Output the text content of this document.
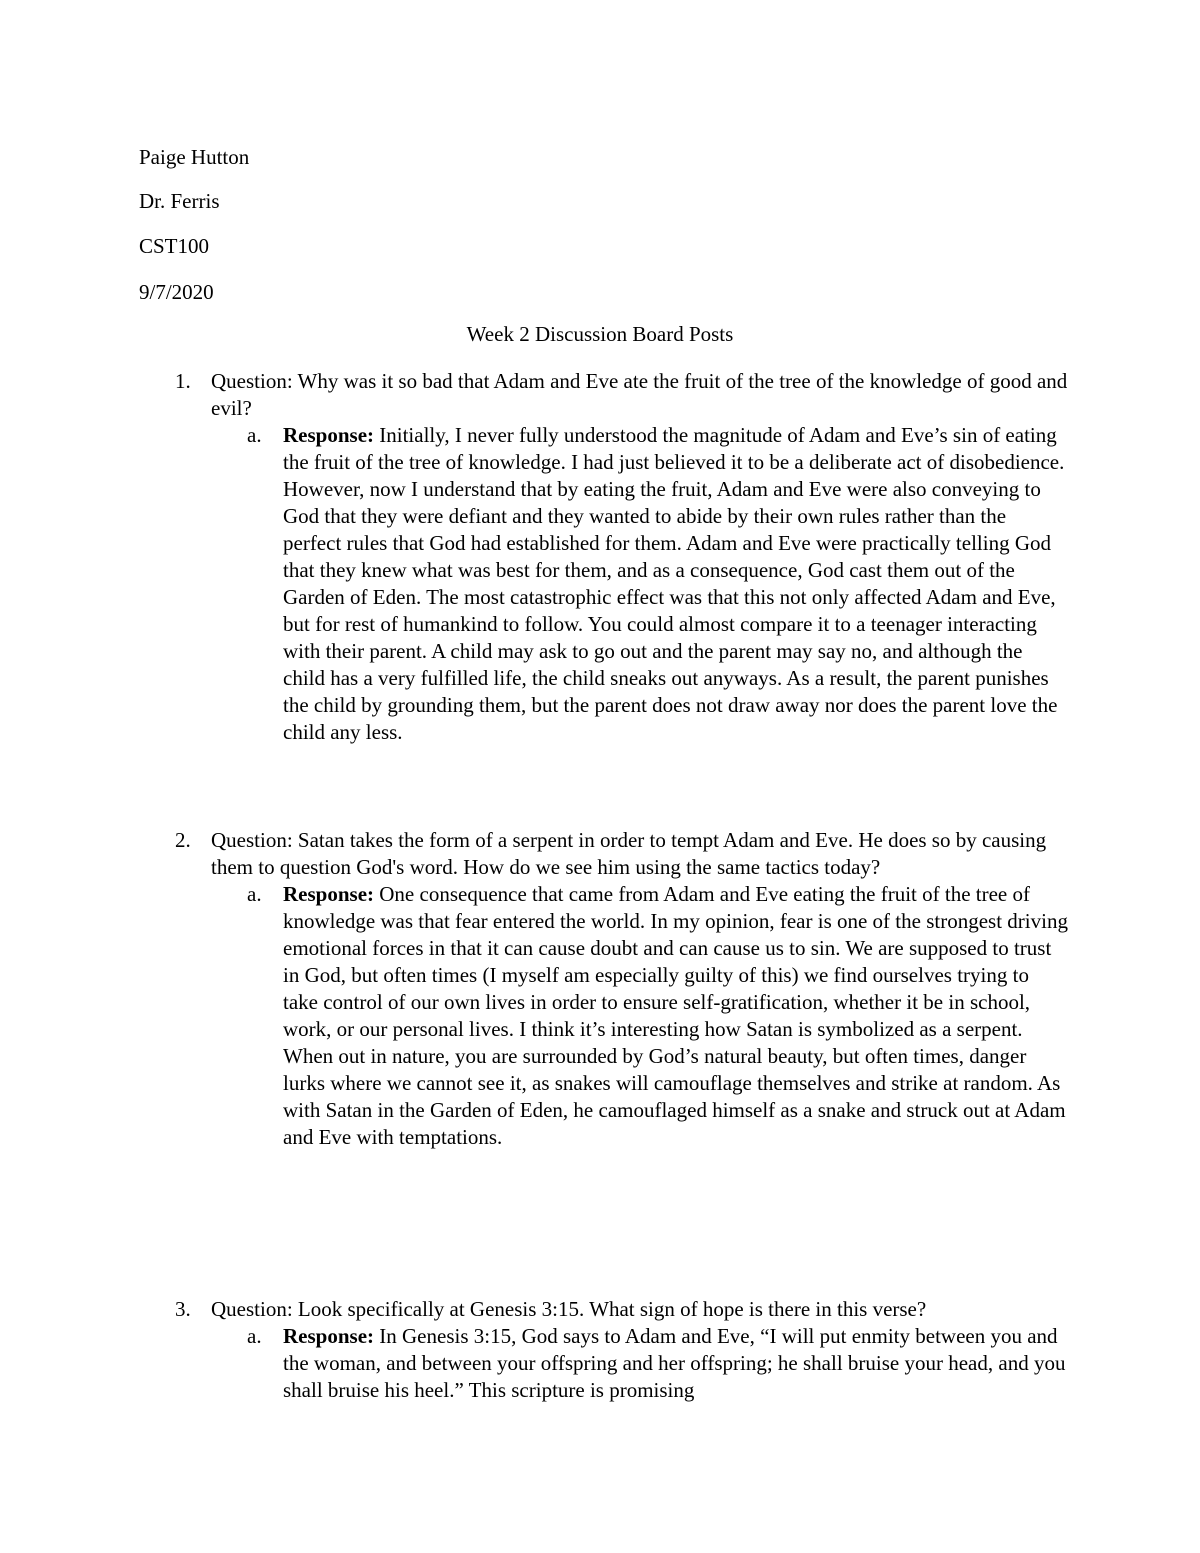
Paige Hutton

Dr. Ferris

CST100

9/7/2020

Week 2 Discussion Board Posts
1. Question: Why was it so bad that Adam and Eve ate the fruit of the tree of the knowledge of good and evil?

a.	Response: Initially, I never fully understood the magnitude of Adam and Eve’s sin of eating the fruit of the tree of knowledge. I had just believed it to be a deliberate act of disobedience. However, now I understand that by eating the fruit, Adam and Eve were also conveying to God that they were defiant and they wanted to abide by their own rules rather than the perfect rules that God had established for them. Adam and Eve were practically telling God that they knew what was best for them, and as a consequence, God cast them out of the Garden of Eden. The most catastrophic effect was that this not only affected Adam and Eve, but for rest of humankind to follow. You could almost compare it to a teenager interacting with their parent. A child may ask to go out and the parent may say no, and although the child has a very fulfilled life, the child sneaks out anyways. As a result, the parent punishes the child by grounding them, but the parent does not draw away nor does the parent love the child any less.

2. Question: Satan takes the form of a serpent in order to tempt Adam and Eve. He does so by causing them to question God's word. How do we see him using the same tactics today?

a.	Response: One consequence that came from Adam and Eve eating the fruit of the tree of knowledge was that fear entered the world. In my opinion, fear is one of the strongest driving emotional forces in that it can cause doubt and can cause us to sin. We are supposed to trust in God, but often times (I myself am especially guilty of this) we find ourselves trying to take control of our own lives in order to ensure self-gratification, whether it be in school, work, or our personal lives. I think it’s interesting how Satan is symbolized as a serpent. When out in nature, you are surrounded by God’s natural beauty, but often times, danger lurks where we cannot see it, as snakes will camouflage themselves and strike at random. As with Satan in the Garden of Eden, he camouflaged himself as a snake and struck out at Adam and Eve with temptations.

3. Question: Look specifically at Genesis 3:15. What sign of hope is there in this verse?

a.	Response: In Genesis 3:15, God says to Adam and Eve, “I will put enmity between you and the woman, and between your offspring and her offspring; he shall bruise your head, and you shall bruise his heel.” This scripture is promising
